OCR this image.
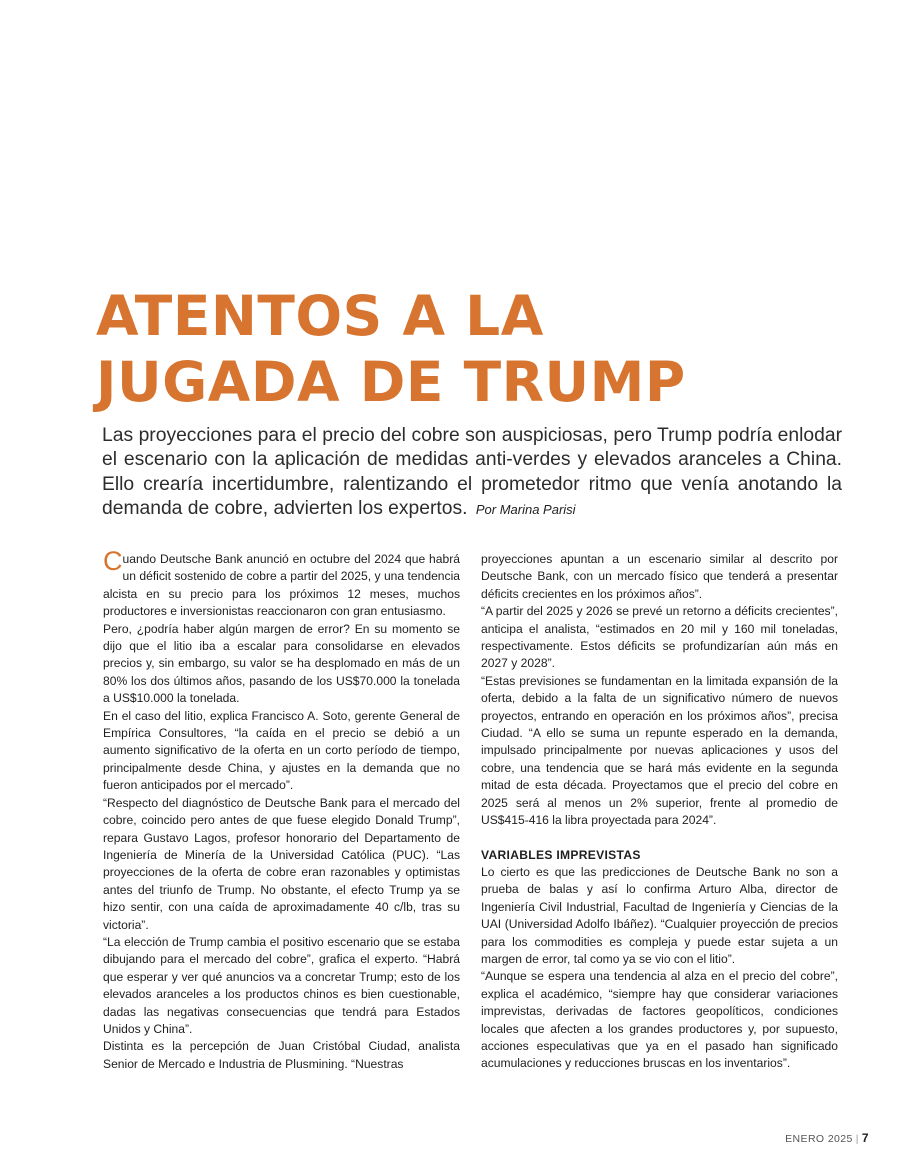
ATENTOS A LA
JUGADA DE TRUMP
Las proyecciones para el precio del cobre son auspiciosas, pero Trump podría enlodar el escenario con la aplicación de medidas anti-verdes y elevados aranceles a China. Ello crearía incertidumbre, ralentizando el prometedor ritmo que venía anotando la demanda de cobre, advierten los expertos. Por Marina Parisi

Cuando Deutsche Bank anunció en octubre del 2024 que habrá un déficit sostenido de cobre a partir del 2025, y una tendencia alcista en su precio para los próximos 12 meses, muchos productores e inversionistas reaccionaron con gran entusiasmo.

Pero, ¿podría haber algún margen de error? En su momento se dijo que el litio iba a escalar para consolidarse en elevados precios y, sin embargo, su valor se ha desplomado en más de un 80% los dos últimos años, pasando de los US$70.000 la tonelada a US$10.000 la tonelada.

En el caso del litio, explica Francisco A. Soto, gerente General de Empírica Consultores, “la caída en el precio se debió a un aumento significativo de la oferta en un corto período de tiempo, principalmente desde China, y ajustes en la demanda que no fueron anticipados por el mercado”.

“Respecto del diagnóstico de Deutsche Bank para el mercado del cobre, coincido pero antes de que fuese elegido Donald Trump”, repara Gustavo Lagos, profesor honorario del Departamento de Ingeniería de Minería de la Universidad Católica (PUC). “Las proyecciones de la oferta de cobre eran razonables y optimistas antes del triunfo de Trump. No obstante, el efecto Trump ya se hizo sentir, con una caída de aproximadamente 40 c/lb, tras su victoria”.

“La elección de Trump cambia el positivo escenario que se estaba dibujando para el mercado del cobre”, grafica el experto. “Habrá que esperar y ver qué anuncios va a concretar Trump; esto de los elevados aranceles a los productos chinos es bien cuestionable, dadas las negativas consecuencias que tendrá para Estados Unidos y China”.

Distinta es la percepción de Juan Cristóbal Ciudad, analista Senior de Mercado e Industria de Plusmining. “Nuestras

proyecciones apuntan a un escenario similar al descrito por Deutsche Bank, con un mercado físico que tenderá a presentar déficits crecientes en los próximos años”.

“A partir del 2025 y 2026 se prevé un retorno a déficits crecientes”, anticipa el analista, “estimados en 20 mil y 160 mil toneladas, respectivamente. Estos déficits se profundizarían aún más en 2027 y 2028”.

“Estas previsiones se fundamentan en la limitada expansión de la oferta, debido a la falta de un significativo número de nuevos proyectos, entrando en operación en los próximos años”, precisa Ciudad. “A ello se suma un repunte esperado en la demanda, impulsado principalmente por nuevas aplicaciones y usos del cobre, una tendencia que se hará más evidente en la segunda mitad de esta década. Proyectamos que el precio del cobre en 2025 será al menos un 2% superior, frente al promedio de US$415-416 la libra proyectada para 2024”.

VARIABLES IMPREVISTAS

Lo cierto es que las predicciones de Deutsche Bank no son a prueba de balas y así lo confirma Arturo Alba, director de Ingeniería Civil Industrial, Facultad de Ingeniería y Ciencias de la UAI (Universidad Adolfo Ibáñez). “Cualquier proyección de precios para los commodities es compleja y puede estar sujeta a un margen de error, tal como ya se vio con el litio”.

“Aunque se espera una tendencia al alza en el precio del cobre”, explica el académico, “siempre hay que considerar variaciones imprevistas, derivadas de factores geopolíticos, condiciones locales que afecten a los grandes productores y, por supuesto, acciones especulativas que ya en el pasado han significado acumulaciones y reducciones bruscas en los inventarios”.

ENERO 2025 | 7
